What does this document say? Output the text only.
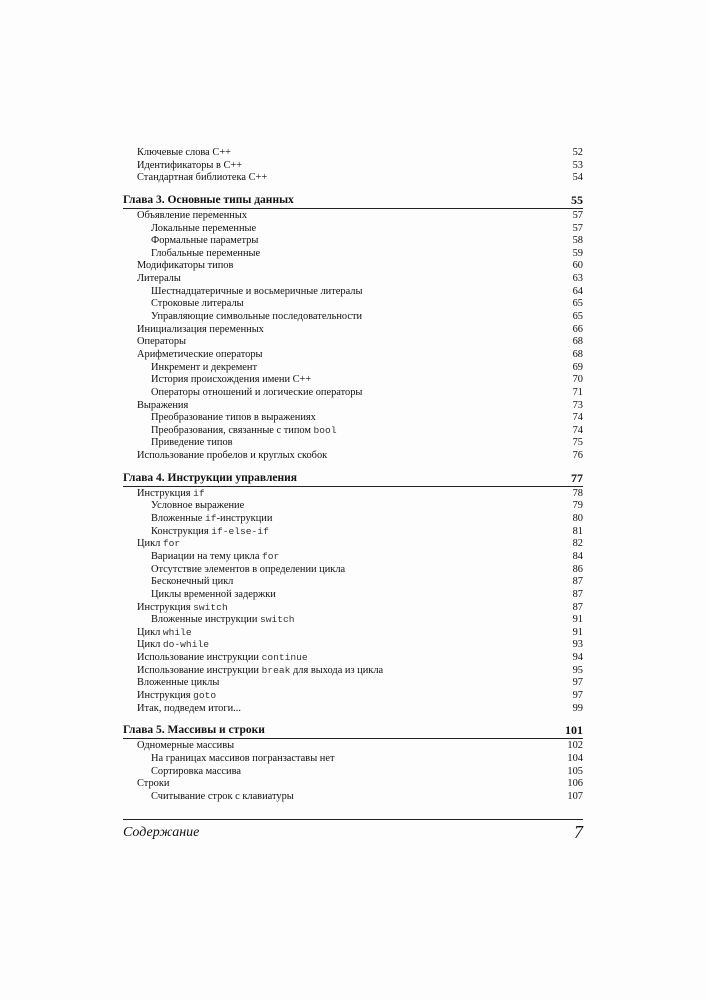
Ключевые слова C++	52
Идентификаторы в C++	53
Стандартная библиотека C++	54
Глава 3. Основные типы данных	55
Объявление переменных	57
Локальные переменные	57
Формальные параметры	58
Глобальные переменные	59
Модификаторы типов	60
Литералы	63
Шестнадцатеричные и восьмеричные литералы	64
Строковые литералы	65
Управляющие символьные последовательности	65
Инициализация переменных	66
Операторы	68
Арифметические операторы	68
Инкремент и декремент	69
История происхождения имени C++	70
Операторы отношений и логические операторы	71
Выражения	73
Преобразование типов в выражениях	74
Преобразования, связанные с типом bool	74
Приведение типов	75
Использование пробелов и круглых скобок	76
Глава 4. Инструкции управления	77
Инструкция if	78
Условное выражение	79
Вложенные if-инструкции	80
Конструкция if-else-if	81
Цикл for	82
Вариации на тему цикла for	84
Отсутствие элементов в определении цикла	86
Бесконечный цикл	87
Циклы временной задержки	87
Инструкция switch	87
Вложенные инструкции switch	91
Цикл while	91
Цикл do-while	93
Использование инструкции continue	94
Использование инструкции break для выхода из цикла	95
Вложенные циклы	97
Инструкция goto	97
Итак, подведем итоги...	99
Глава 5. Массивы и строки	101
Одномерные массивы	102
На границах массивов погранзаставы нет	104
Сортировка массива	105
Строки	106
Считывание строк с клавиатуры	107
Содержание	7
